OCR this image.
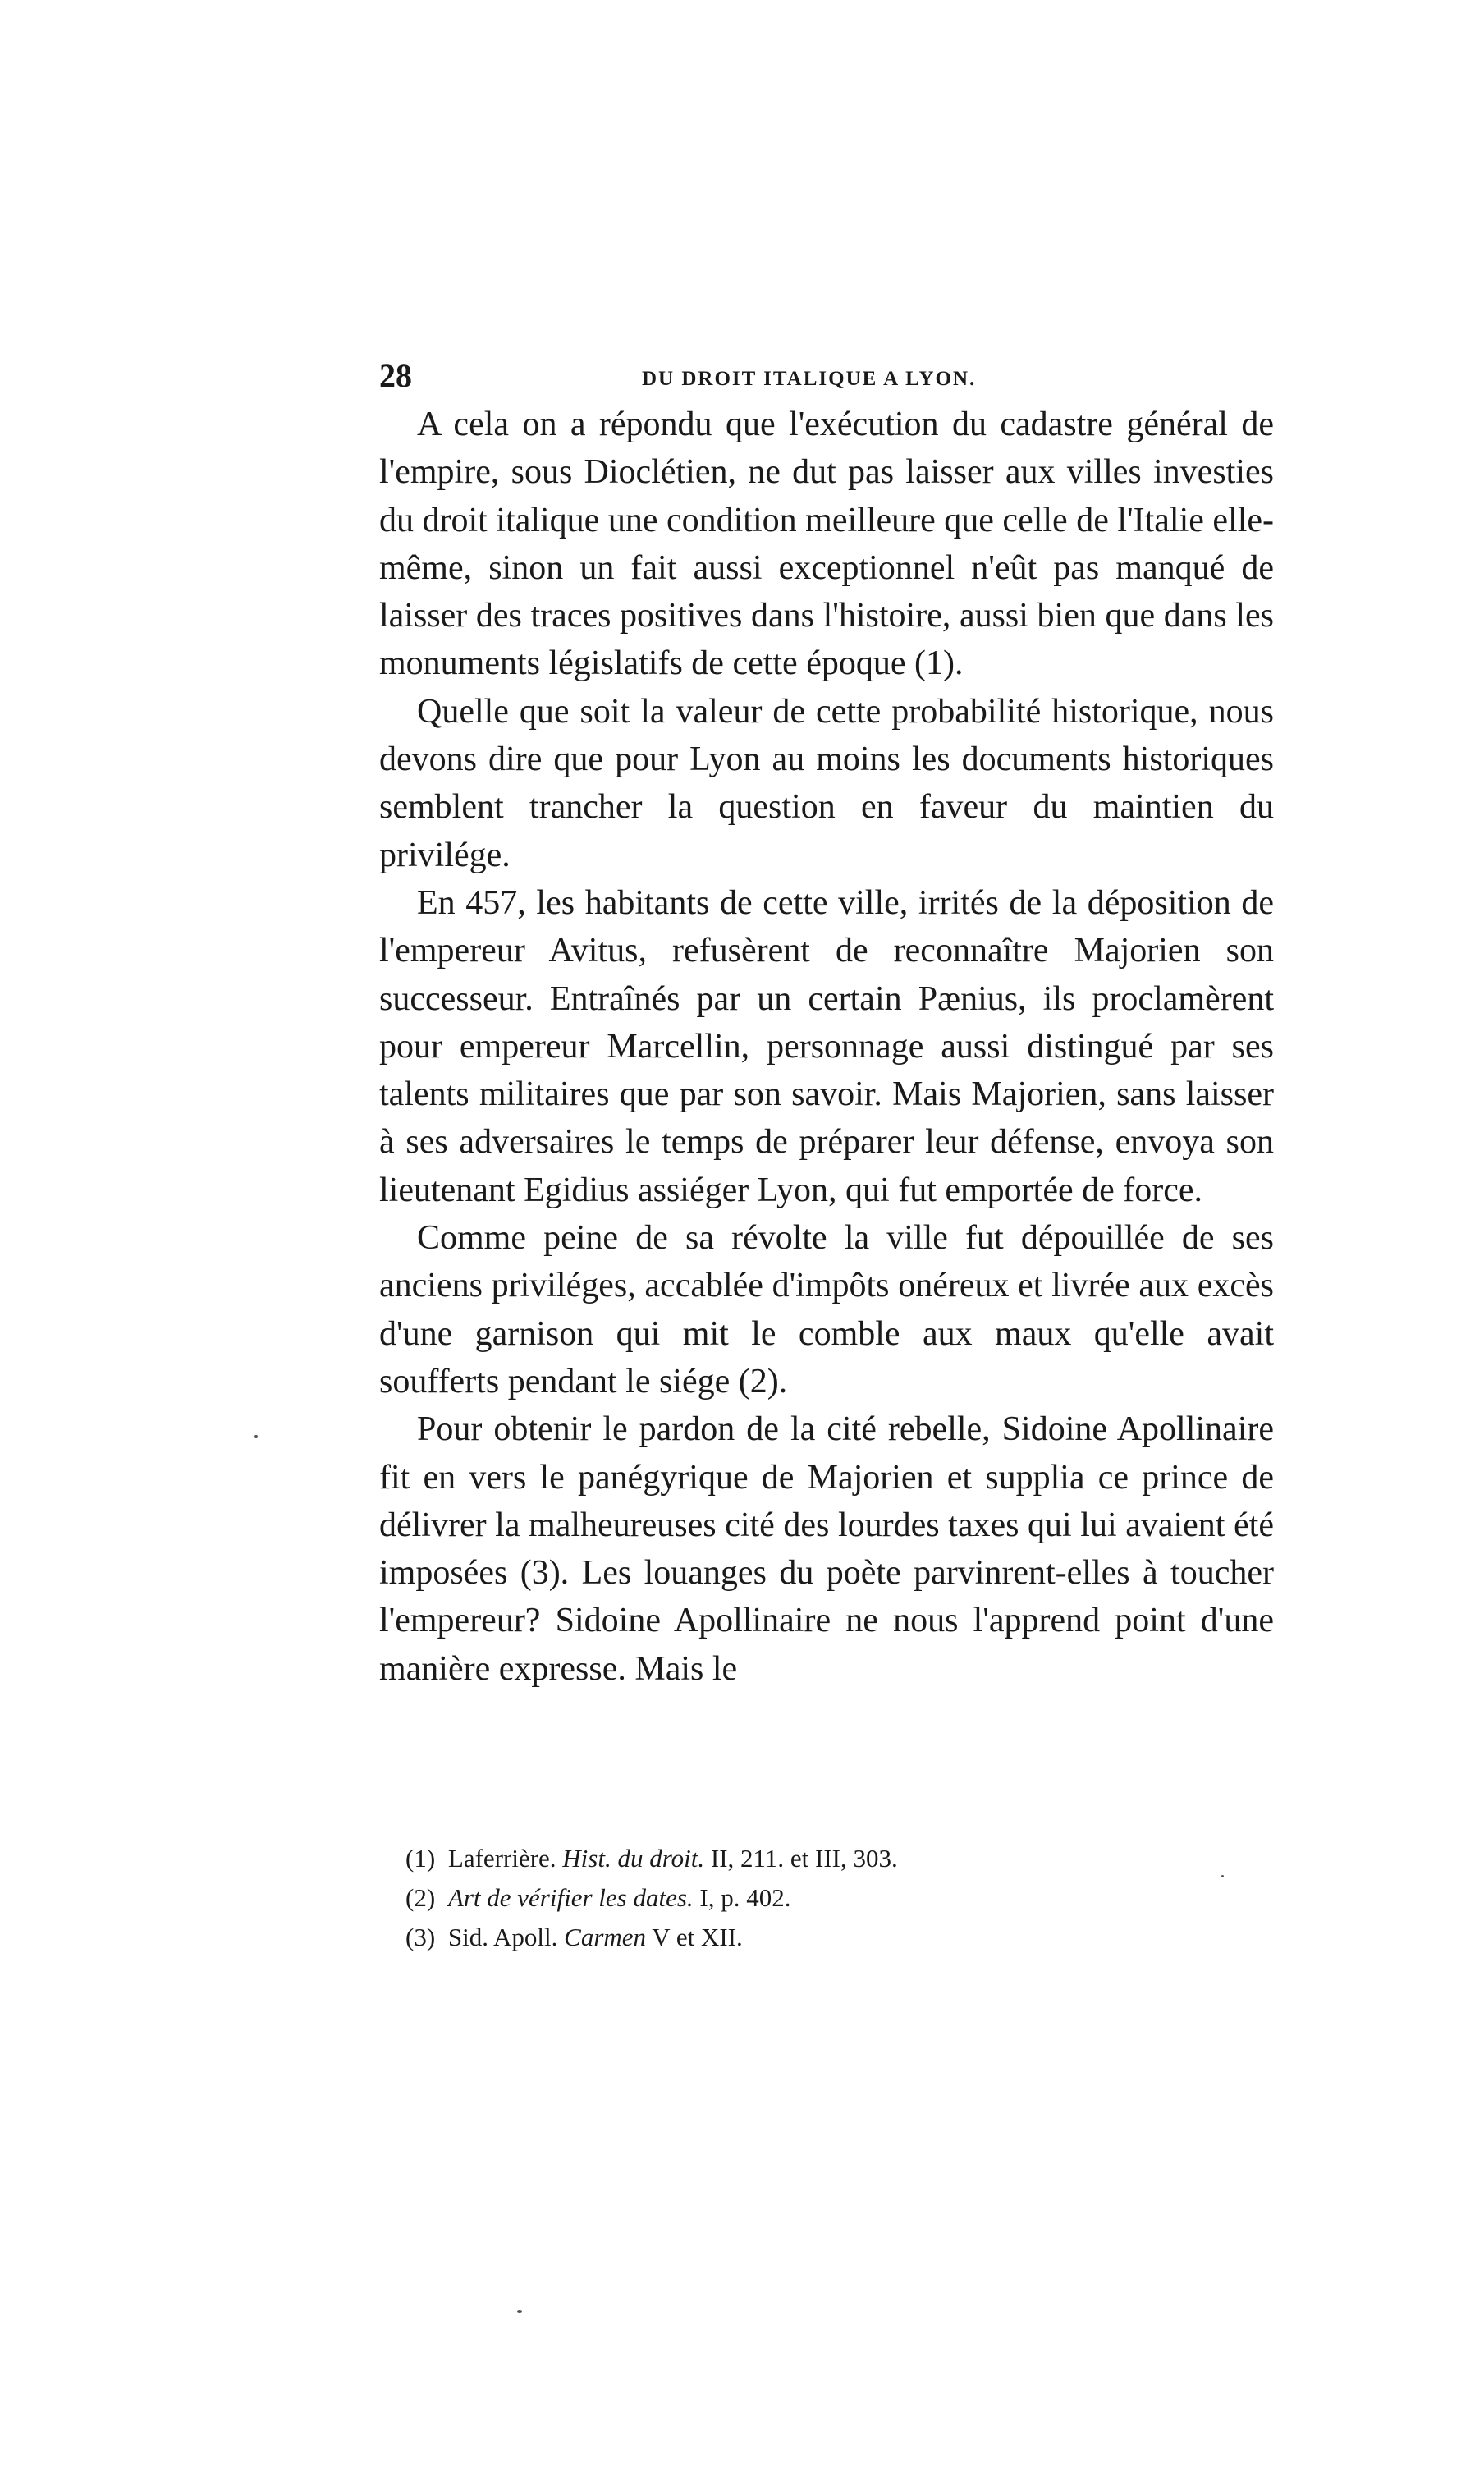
28	DU DROIT ITALIQUE A LYON.

A cela on a répondu que l'exécution du cadastre général de l'empire, sous Dioclétien, ne dut pas laisser aux villes investies du droit italique une condition meilleure que celle de l'Italie elle-même, sinon un fait aussi exceptionnel n'eût pas manqué de laisser des traces positives dans l'histoire, aussi bien que dans les monuments législatifs de cette époque (1).

Quelle que soit la valeur de cette probabilité historique, nous devons dire que pour Lyon au moins les documents historiques semblent trancher la question en faveur du maintien du privilége.

En 457, les habitants de cette ville, irrités de la déposition de l'empereur Avitus, refusèrent de reconnaître Majorien son successeur. Entraînés par un certain Pænius, ils proclamèrent pour empereur Marcellin, personnage aussi distingué par ses talents militaires que par son savoir. Mais Majorien, sans laisser à ses adversaires le temps de préparer leur défense, envoya son lieutenant Egidius assiéger Lyon, qui fut emportée de force.

Comme peine de sa révolte la ville fut dépouillée de ses anciens priviléges, accablée d'impôts onéreux et livrée aux excès d'une garnison qui mit le comble aux maux qu'elle avait soufferts pendant le siége (2).

Pour obtenir le pardon de la cité rebelle, Sidoine Apollinaire fit en vers le panégyrique de Majorien et supplia ce prince de délivrer la malheureuses cité des lourdes taxes qui lui avaient été imposées (3). Les louanges du poète parvinrent-elles à toucher l'empereur? Sidoine Apollinaire ne nous l'apprend point d'une manière expresse. Mais le

(1) Laferrière. Hist. du droit. II, 211. et III, 303.

(2) Art de vérifier les dates. I, p. 402.

(3) Sid. Apoll. Carmen V et XII.
